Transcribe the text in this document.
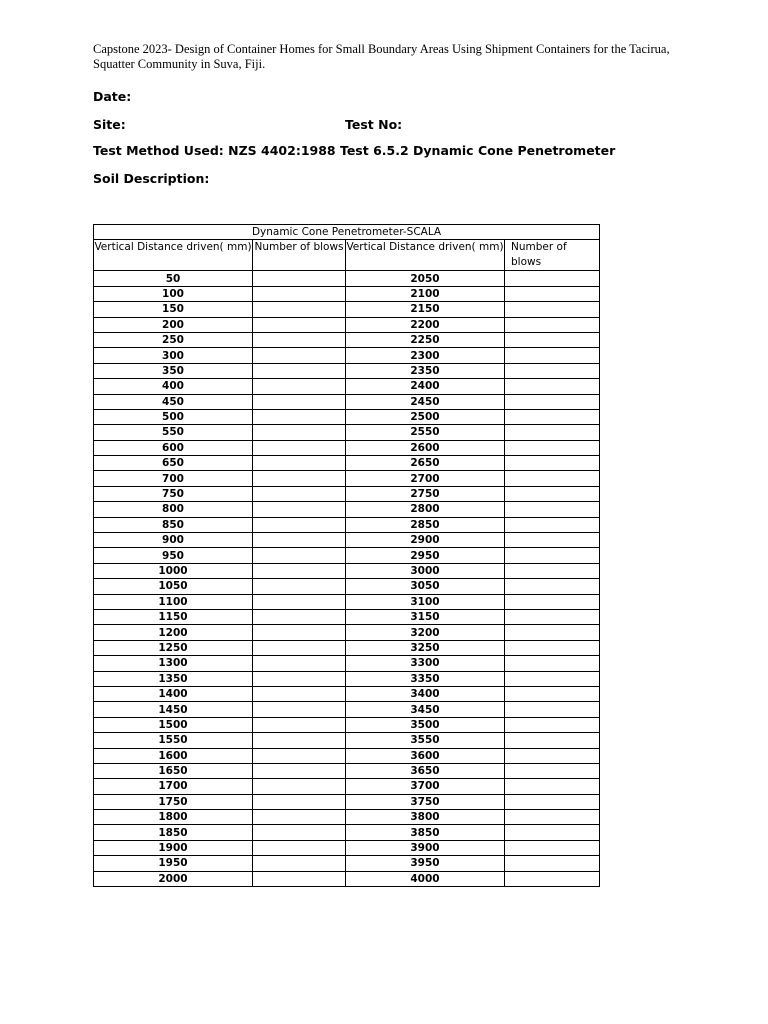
Capstone 2023- Design of Container Homes for Small Boundary Areas Using Shipment Containers for the Tacirua, Squatter Community in Suva, Fiji.
Date:
Site:	Test No:
Test Method Used: NZS 4402:1988 Test 6.5.2 Dynamic Cone Penetrometer
Soil Description:
Dynamic Cone Penetrometer-SCALA			
Vertical Distance driven( mm)	Number of blows	Vertical Distance driven( mm)	Number of blows
50		2050	
100		2100	
150		2150	
200		2200	
250		2250	
300		2300	
350		2350	
400		2400	
450		2450	
500		2500	
550		2550	
600		2600	
650		2650	
700		2700	
750		2750	
800		2800	
850		2850	
900		2900	
950		2950	
1000		3000	
1050		3050	
1100		3100	
1150		3150	
1200		3200	
1250		3250	
1300		3300	
1350		3350	
1400		3400	
1450		3450	
1500		3500	
1550		3550	
1600		3600	
1650		3650	
1700		3700	
1750		3750	
1800		3800	
1850		3850	
1900		3900	
1950		3950	
2000		4000	
